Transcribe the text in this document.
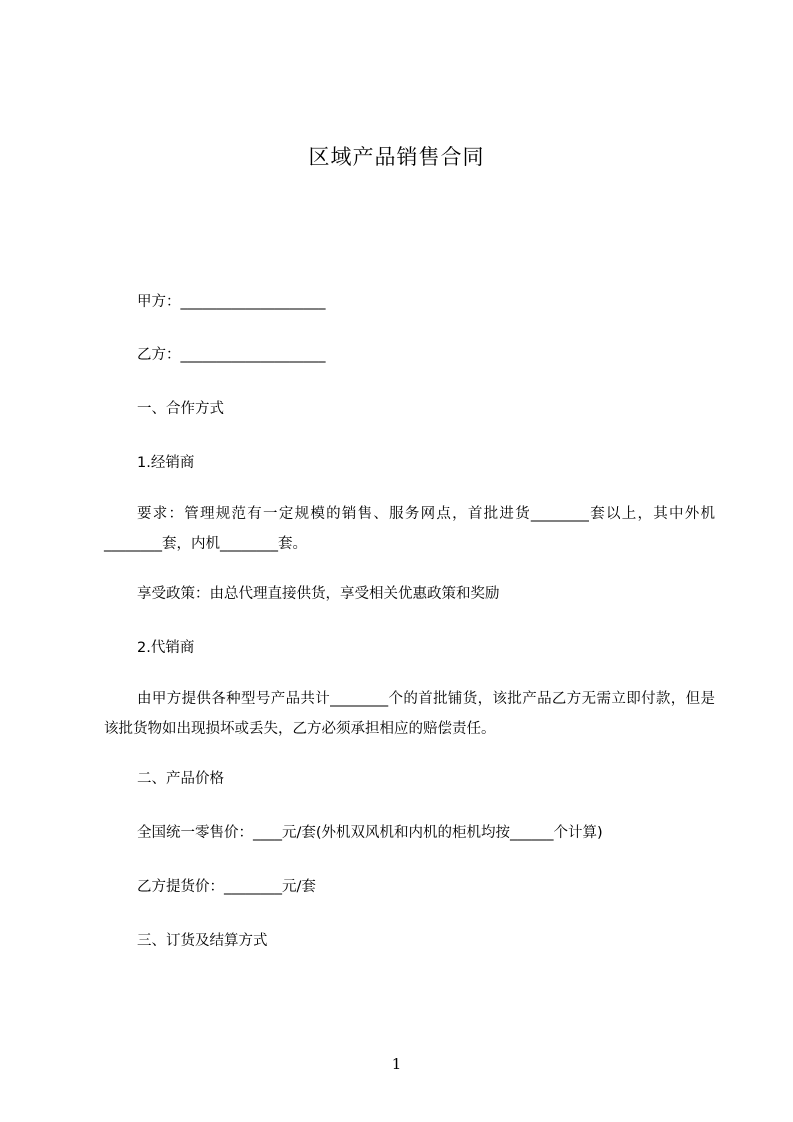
区域产品销售合同
甲方：____________________
乙方：____________________
一、合作方式
1.经销商
要求：管理规范有一定规模的销售、服务网点，首批进货________套以上，其中外机________套，内机________套。
享受政策：由总代理直接供货，享受相关优惠政策和奖励
2.代销商
由甲方提供各种型号产品共计________个的首批铺货，该批产品乙方无需立即付款，但是该批货物如出现损坏或丢失，乙方必须承担相应的赔偿责任。
二、产品价格
全国统一零售价：____元/套(外机双风机和内机的柜机均按______个计算)
乙方提货价：________元/套
三、订货及结算方式
1
